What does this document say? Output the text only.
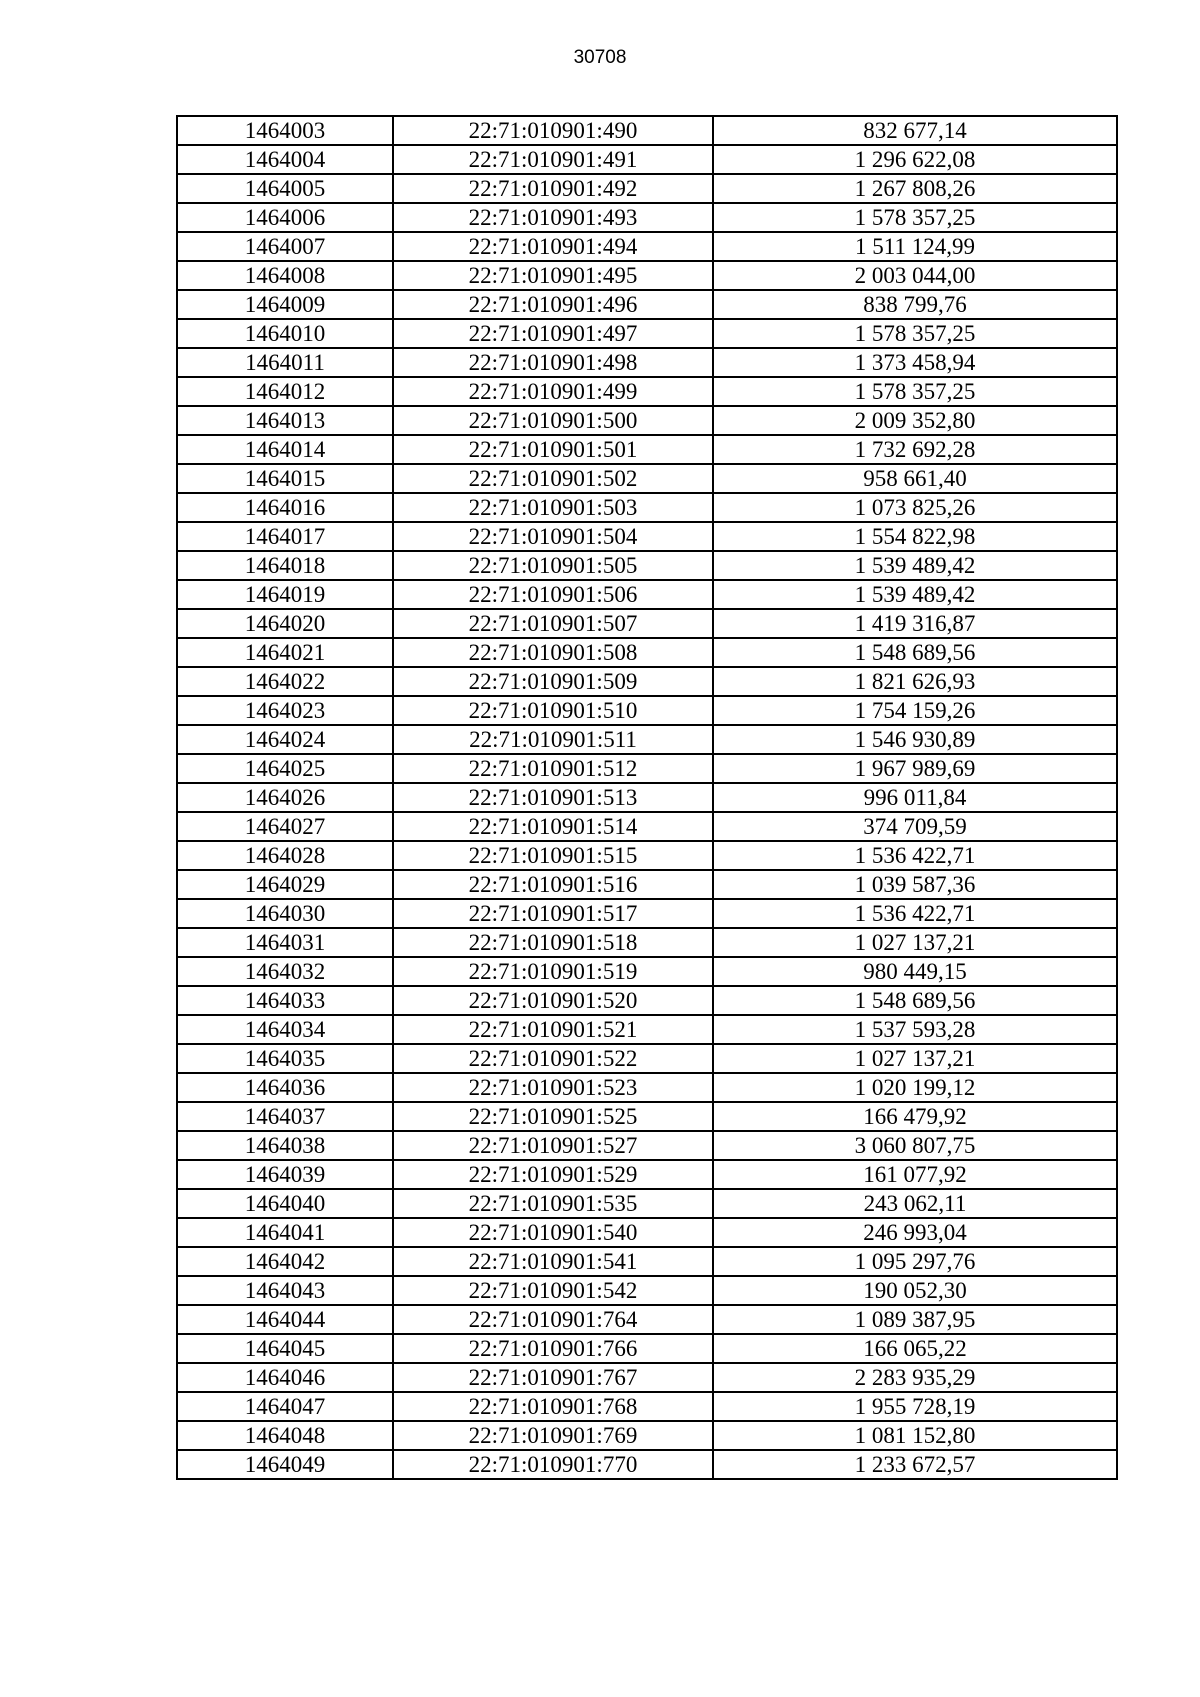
30708
1464003	22:71:010901:490	832 677,14
1464004	22:71:010901:491	1 296 622,08
1464005	22:71:010901:492	1 267 808,26
1464006	22:71:010901:493	1 578 357,25
1464007	22:71:010901:494	1 511 124,99
1464008	22:71:010901:495	2 003 044,00
1464009	22:71:010901:496	838 799,76
1464010	22:71:010901:497	1 578 357,25
1464011	22:71:010901:498	1 373 458,94
1464012	22:71:010901:499	1 578 357,25
1464013	22:71:010901:500	2 009 352,80
1464014	22:71:010901:501	1 732 692,28
1464015	22:71:010901:502	958 661,40
1464016	22:71:010901:503	1 073 825,26
1464017	22:71:010901:504	1 554 822,98
1464018	22:71:010901:505	1 539 489,42
1464019	22:71:010901:506	1 539 489,42
1464020	22:71:010901:507	1 419 316,87
1464021	22:71:010901:508	1 548 689,56
1464022	22:71:010901:509	1 821 626,93
1464023	22:71:010901:510	1 754 159,26
1464024	22:71:010901:511	1 546 930,89
1464025	22:71:010901:512	1 967 989,69
1464026	22:71:010901:513	996 011,84
1464027	22:71:010901:514	374 709,59
1464028	22:71:010901:515	1 536 422,71
1464029	22:71:010901:516	1 039 587,36
1464030	22:71:010901:517	1 536 422,71
1464031	22:71:010901:518	1 027 137,21
1464032	22:71:010901:519	980 449,15
1464033	22:71:010901:520	1 548 689,56
1464034	22:71:010901:521	1 537 593,28
1464035	22:71:010901:522	1 027 137,21
1464036	22:71:010901:523	1 020 199,12
1464037	22:71:010901:525	166 479,92
1464038	22:71:010901:527	3 060 807,75
1464039	22:71:010901:529	161 077,92
1464040	22:71:010901:535	243 062,11
1464041	22:71:010901:540	246 993,04
1464042	22:71:010901:541	1 095 297,76
1464043	22:71:010901:542	190 052,30
1464044	22:71:010901:764	1 089 387,95
1464045	22:71:010901:766	166 065,22
1464046	22:71:010901:767	2 283 935,29
1464047	22:71:010901:768	1 955 728,19
1464048	22:71:010901:769	1 081 152,80
1464049	22:71:010901:770	1 233 672,57
